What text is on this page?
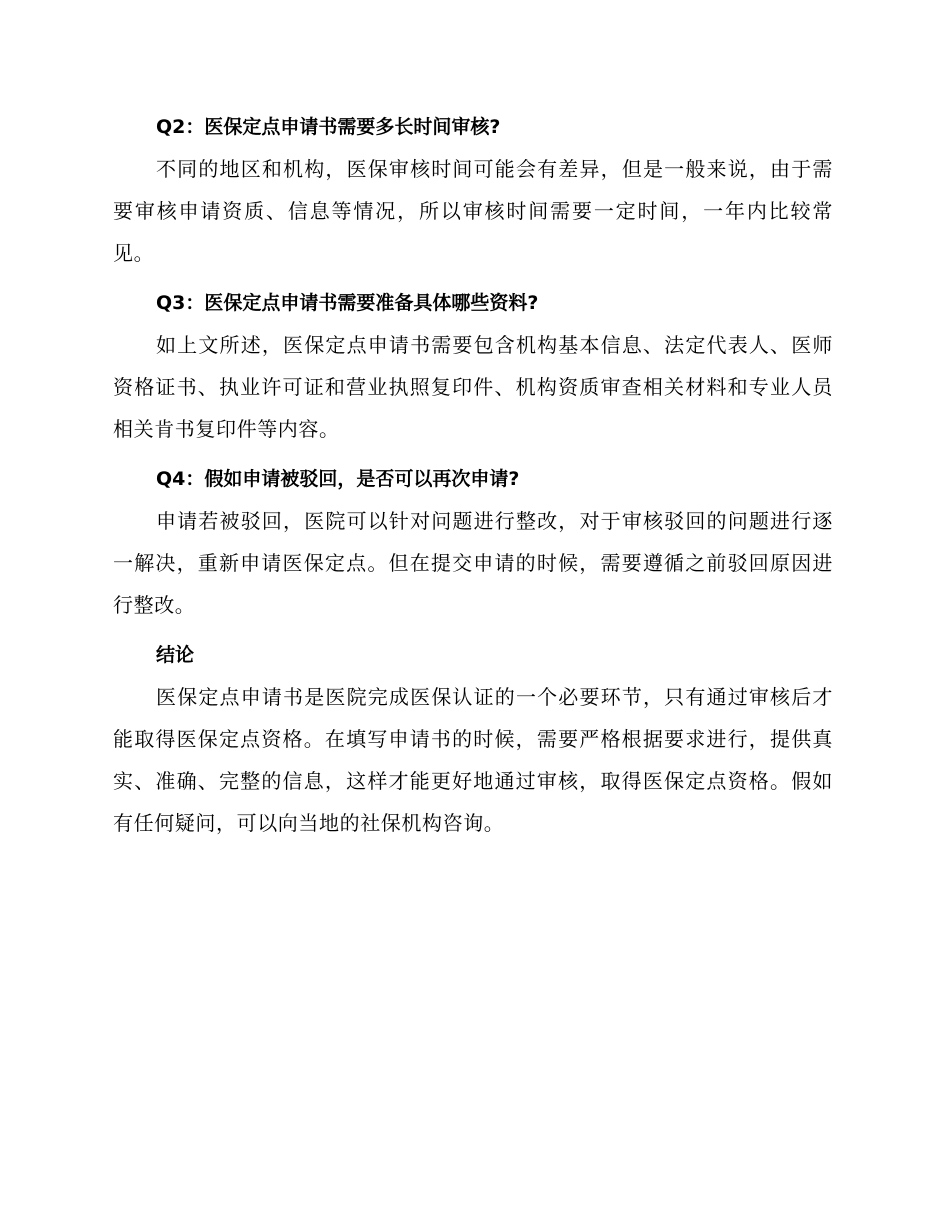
Q2：医保定点申请书需要多长时间审核?

不同的地区和机构，医保审核时间可能会有差异，但是一般来说，由于需要审核申请资质、信息等情况，所以审核时间需要一定时间，一年内比较常见。

Q3：医保定点申请书需要准备具体哪些资料?

如上文所述，医保定点申请书需要包含机构基本信息、法定代表人、医师资格证书、执业许可证和营业执照复印件、机构资质审查相关材料和专业人员相关肯书复印件等内容。

Q4：假如申请被驳回，是否可以再次申请?

申请若被驳回，医院可以针对问题进行整改，对于审核驳回的问题进行逐一解决，重新申请医保定点。但在提交申请的时候，需要遵循之前驳回原因进行整改。

结论

医保定点申请书是医院完成医保认证的一个必要环节，只有通过审核后才能取得医保定点资格。在填写申请书的时候，需要严格根据要求进行，提供真实、准确、完整的信息，这样才能更好地通过审核，取得医保定点资格。假如有任何疑问，可以向当地的社保机构咨询。
